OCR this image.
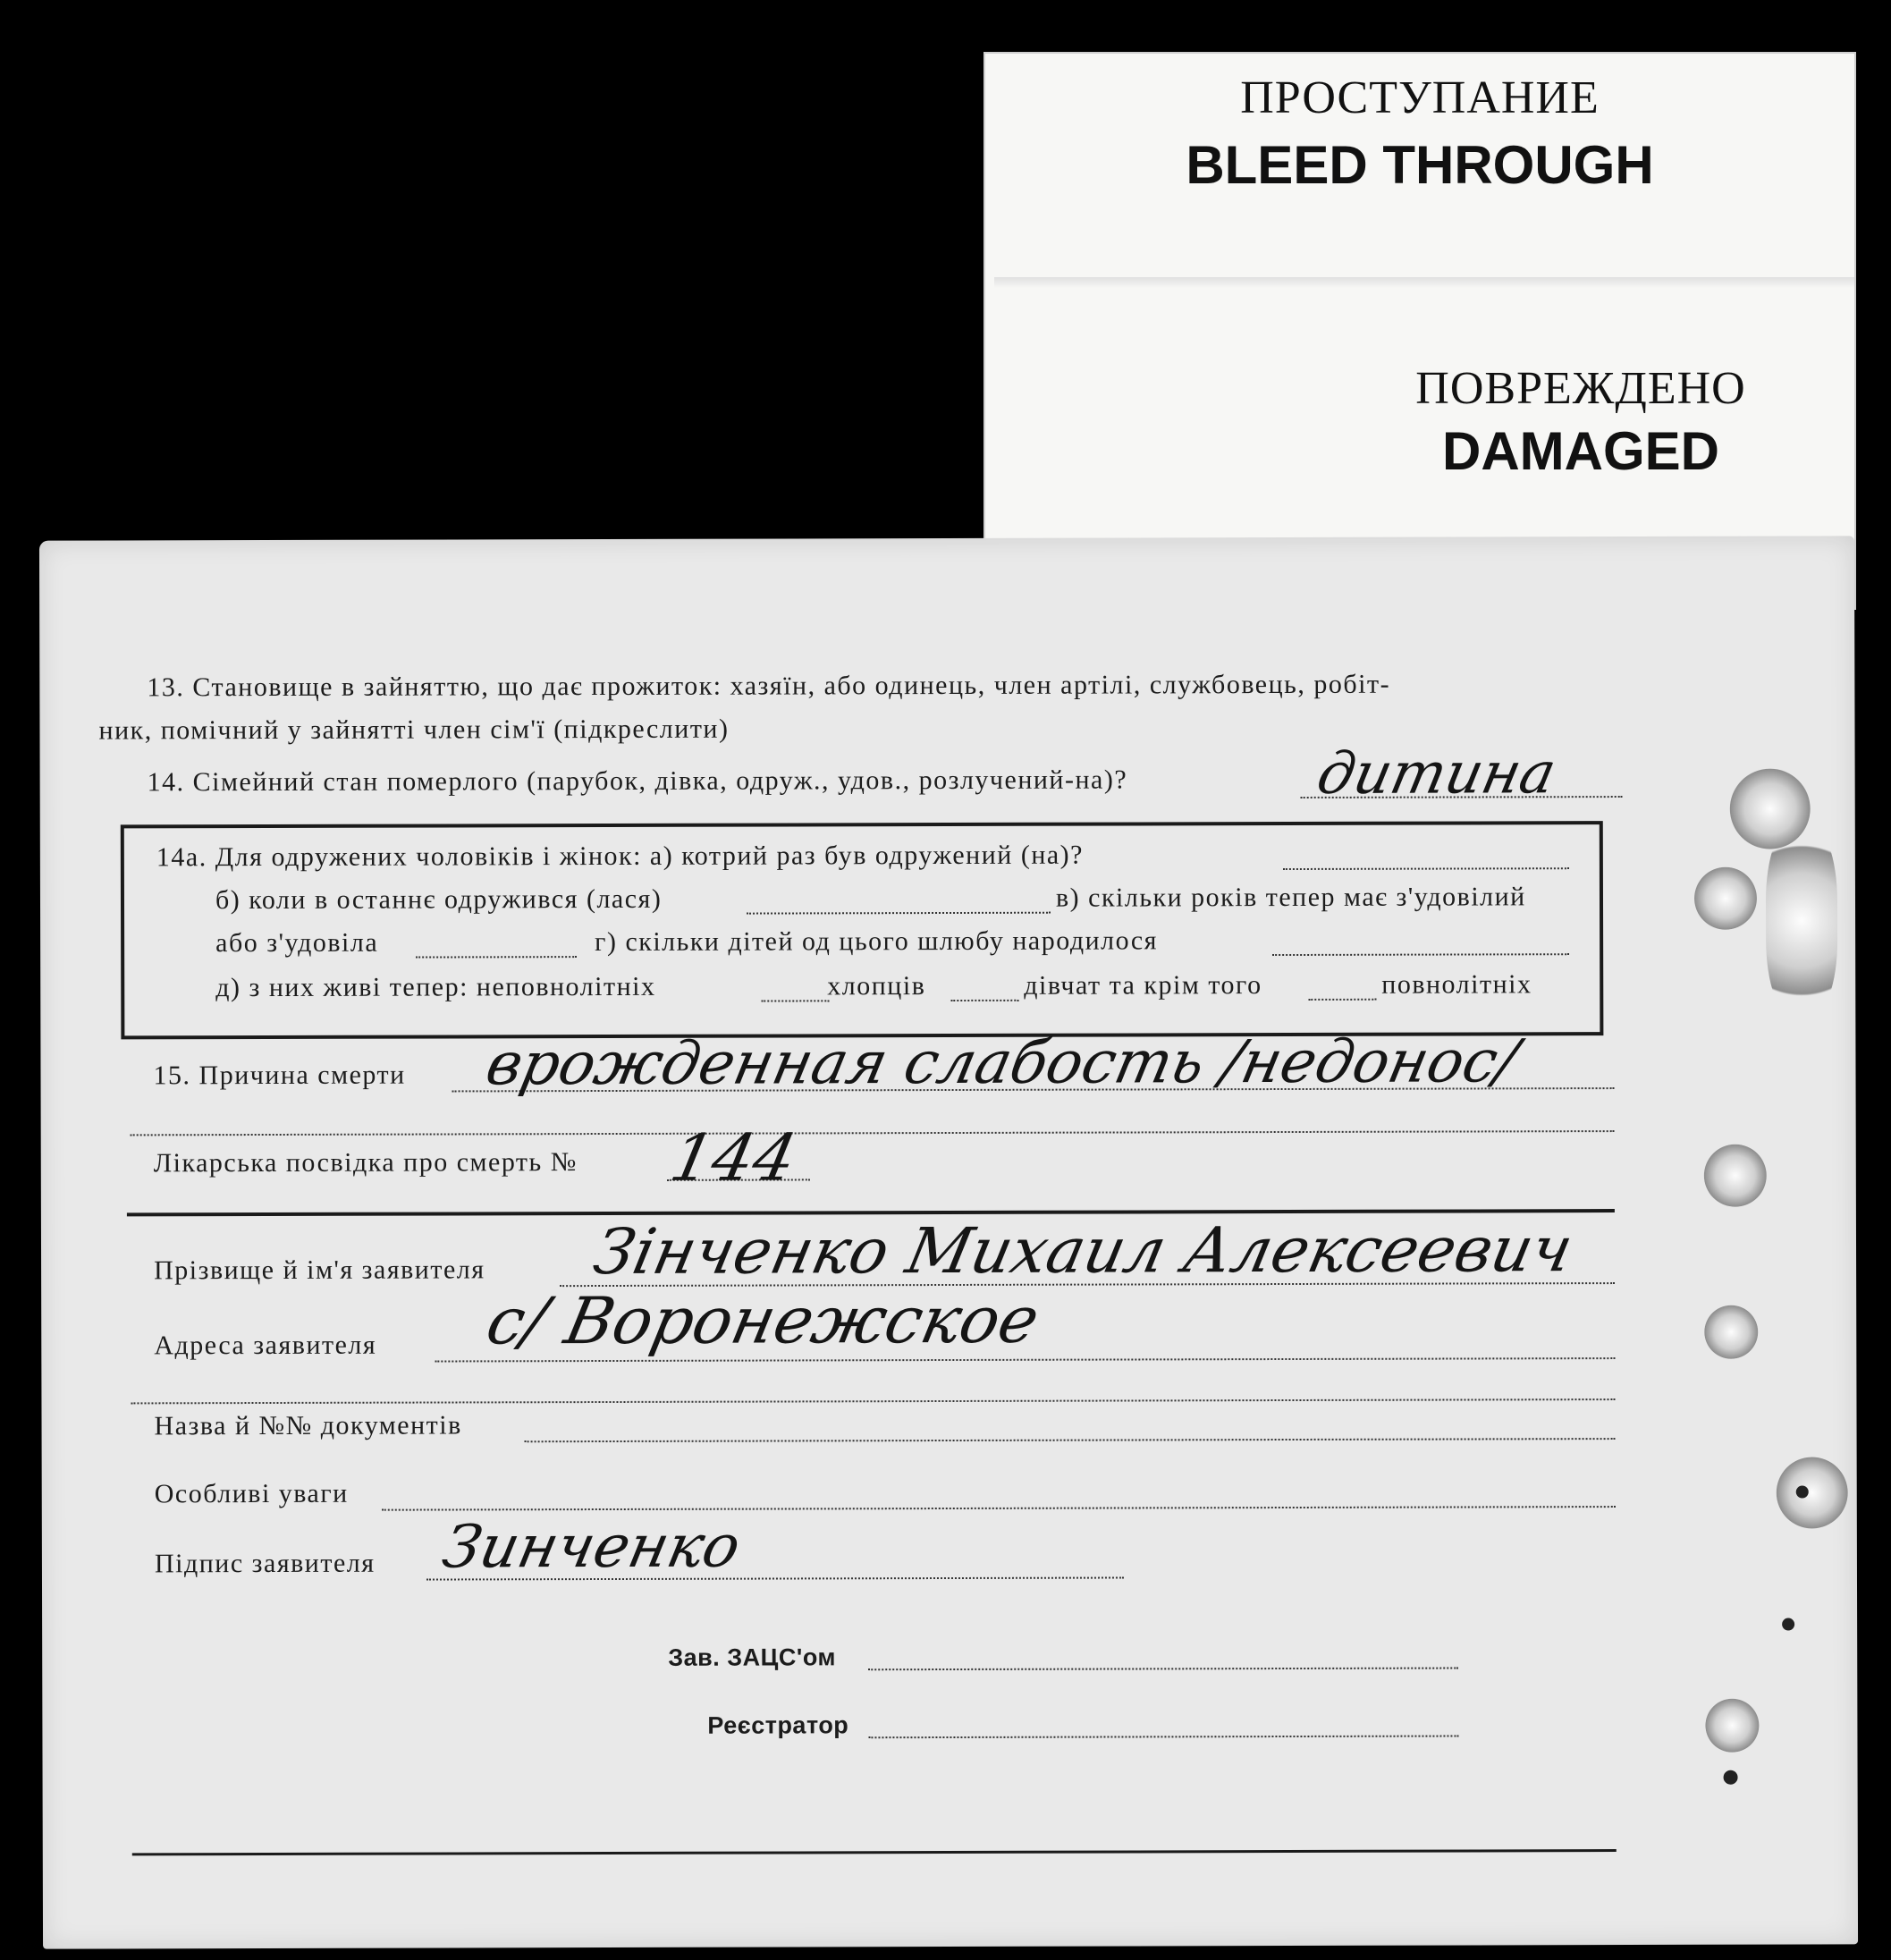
ПРОСТУПАНИЕ
BLEED THROUGH
ПОВРЕЖДЕНО
DAMAGED
13. Становище в зайняттю, що дає прожиток: хазяїн, або одинець, член артілі, службовець, робіт-
ник, помічний у зайнятті член сім'ї (підкреслити)
14. Сімейний стан померлого (парубок, дівка, одруж., удов., розлучений-на)?	дитина
14а. Для одружених чоловіків і жінок: а) котрий раз був одружений (на)?
б) коли в останнє одружився (лася)	в) скільки років тепер має з'удовілий
або з'удовіла	г) скільки дітей од цього шлюбу народилося
д) з них живі тепер: неповнолітніх	хлопців	дівчат та крім того	повнолітніх
15. Причина смерти врожденная слабость /недонос/
Лікарська посвідка про смерть № 144
Прізвище й ім'я заявителя Зінченко Михаил Алексеевич
Адреса заявителя с/ Воронежское
Назва й №№ документів
Особливі уваги
Підпис заявителя Зинченко
Зав. ЗАЦС'ом
Реєстратор
